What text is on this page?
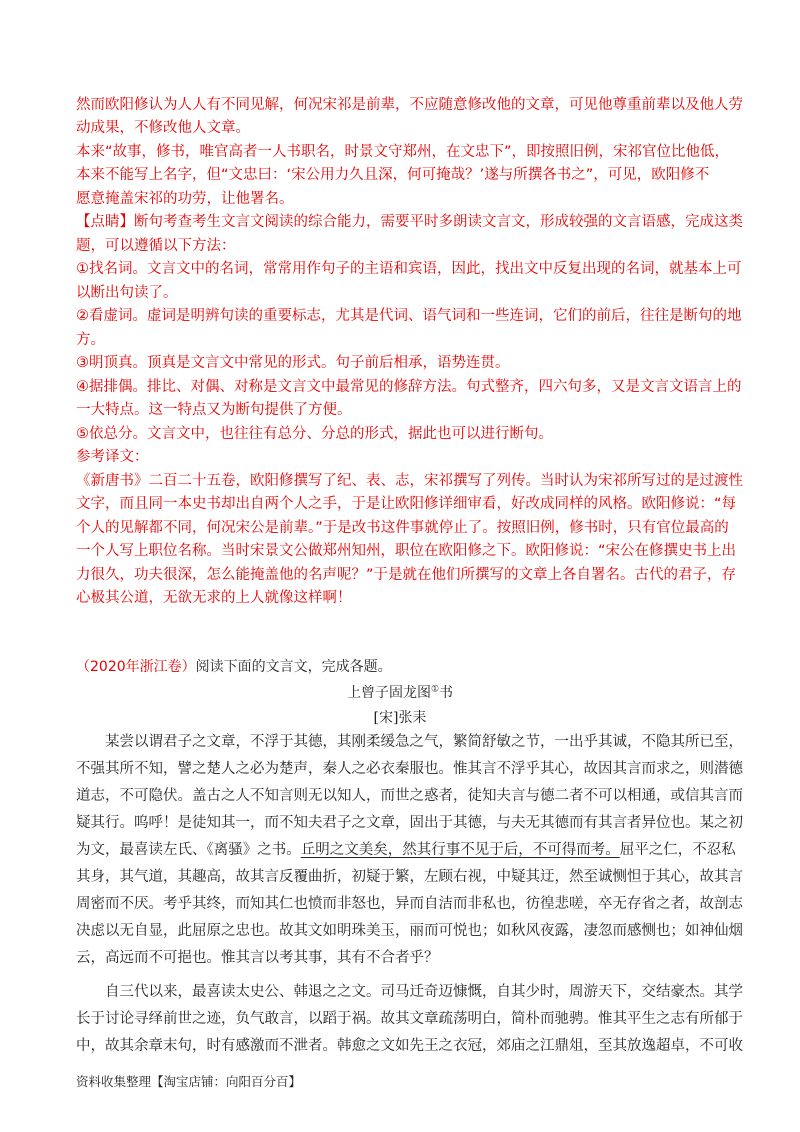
然而欧阳修认为人人有不同见解，何况宋祁是前辈，不应随意修改他的文章，可见他尊重前辈以及他人劳
动成果，不修改他人文章。
本来“故事，修书，唯官高者一人书职名，时景文守郑州，在文忠下”，即按照旧例，宋祁官位比他低，
本来不能写上名字，但“文忠曰：‘宋公用力久且深，何可掩哉？’遂与所撰各书之”，可见，欧阳修不
愿意掩盖宋祁的功劳，让他署名。
【点睛】断句考查考生文言文阅读的综合能力，需要平时多朗读文言文，形成较强的文言语感，完成这类
题，可以遵循以下方法：
①找名词。文言文中的名词，常常用作句子的主语和宾语，因此，找出文中反复出现的名词，就基本上可
以断出句读了。
②看虚词。虚词是明辨句读的重要标志，尤其是代词、语气词和一些连词，它们的前后，往往是断句的地
方。
③明顶真。顶真是文言文中常见的形式。句子前后相承，语势连贯。
④据排偶。排比、对偶、对称是文言文中最常见的修辞方法。句式整齐，四六句多，又是文言文语言上的
一大特点。这一特点又为断句提供了方便。
⑤依总分。文言文中，也往往有总分、分总的形式，据此也可以进行断句。
参考译文：
《新唐书》二百二十五卷，欧阳修撰写了纪、表、志，宋祁撰写了列传。当时认为宋祁所写过的是过渡性
文字，而且同一本史书却出自两个人之手，于是让欧阳修详细审看，好改成同样的风格。欧阳修说：“每
个人的见解都不同，何况宋公是前辈。”于是改书这件事就停止了。按照旧例，修书时，只有官位最高的
一个人写上职位名称。当时宋景文公做郑州知州，职位在欧阳修之下。欧阳修说：“宋公在修撰史书上出
力很久，功夫很深，怎么能掩盖他的名声呢？”于是就在他们所撰写的文章上各自署名。古代的君子，存
心极其公道，无欲无求的上人就像这样啊！
（2020年浙江卷）阅读下面的文言文，完成各题。
上曾子固龙图①书
[宋]张耒
　　某尝以谓君子之文章，不浮于其德，其刚柔缓急之气，繁简舒敏之节，一出乎其诚，不隐其所已至，
不强其所不知，譬之楚人之必为楚声，秦人之必衣秦服也。惟其言不浮乎其心，故因其言而求之，则潜德
道志，不可隐伏。盖古之人不知言则无以知人，而世之惑者，徒知夫言与德二者不可以相通，或信其言而
疑其行。呜呼！是徒知其一，而不知夫君子之文章，固出于其德，与夫无其德而有其言者异位也。某之初
为文，最喜读左氏、《离骚》之书。丘明之文美矣，然其行事不见于后，不可得而考。屈平之仁，不忍私
其身，其气道，其趣高，故其言反覆曲折，初疑于繁，左顾右视，中疑其迂，然至诚恻怛于其心，故其言
周密而不厌。考乎其终，而知其仁也愤而非怒也，异而自洁而非私也，彷徨悲嗟，卒无存省之者，故剖志
决虑以无自显，此屈原之忠也。故其文如明珠美玉，丽而可悦也；如秋风夜露，凄忽而感恻也；如神仙烟
云，高远而不可挹也。惟其言以考其事，其有不合者乎？
　　自三代以来，最喜读太史公、韩退之之文。司马迁奇迈慷慨，自其少时，周游天下，交结豪杰。其学
长于讨论寻绎前世之迹，负气敢言，以蹈于祸。故其文章疏荡明白，简朴而驰骋。惟其平生之志有所郁于
中，故其余章末句，时有感激而不泄者。韩愈之文如先王之衣冠，郊庙之江鼎俎，至其放逸超卓，不可收
资料收集整理【淘宝店铺：向阳百分百】
